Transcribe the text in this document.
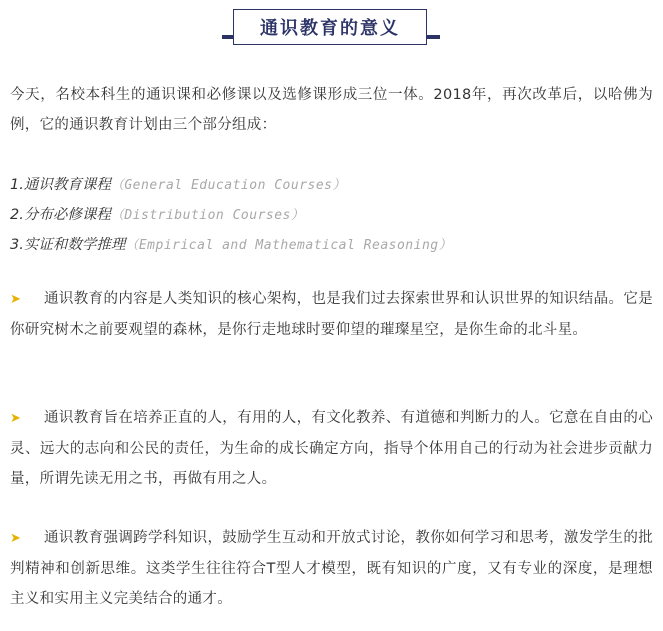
通识教育的意义
今天，名校本科生的通识课和必修课以及选修课形成三位一体。2018年，再次改革后，以哈佛为例，它的通识教育计划由三个部分组成：
1.通识教育课程（General Education Courses）
2.分布必修课程（Distribution Courses）
3.实证和数学推理（Empirical and Mathematical Reasoning）
➤ 通识教育的内容是人类知识的核心架构，也是我们过去探索世界和认识世界的知识结晶。它是你研究树木之前要观望的森林，是你行走地球时要仰望的璀璨星空，是你生命的北斗星。
➤ 通识教育旨在培养正直的人，有用的人，有文化教养、有道德和判断力的人。它意在自由的心灵、远大的志向和公民的责任，为生命的成长确定方向，指导个体用自己的行动为社会进步贡献力量，所谓先读无用之书，再做有用之人。
➤ 通识教育强调跨学科知识，鼓励学生互动和开放式讨论，教你如何学习和思考，激发学生的批判精神和创新思维。这类学生往往符合T型人才模型，既有知识的广度，又有专业的深度，是理想主义和实用主义完美结合的通才。
